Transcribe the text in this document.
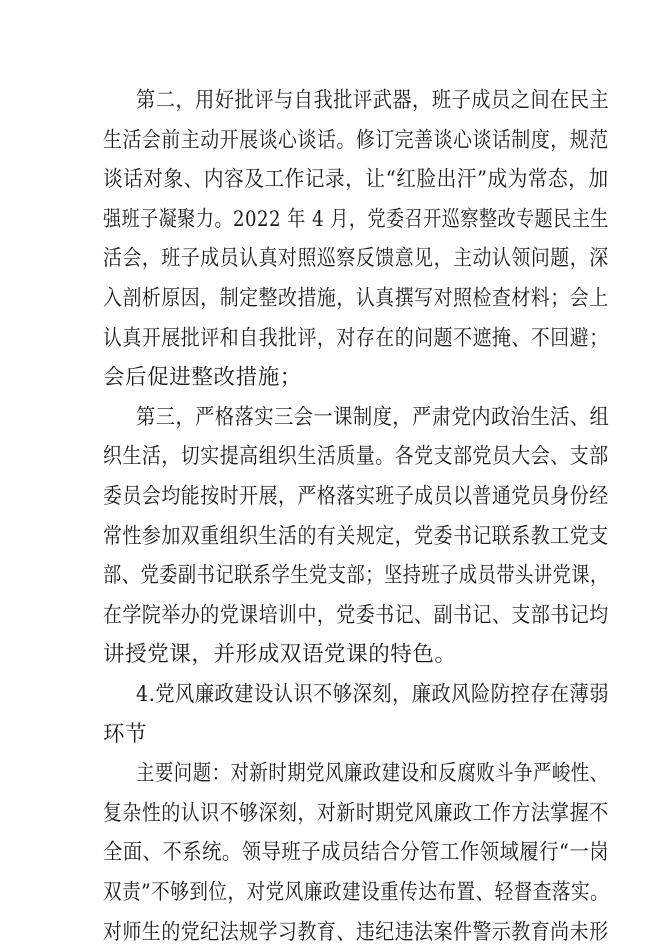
第二，用好批评与自我批评武器，班子成员之间在民主
生活会前主动开展谈心谈话。修订完善谈心谈话制度，规范
谈话对象、内容及工作记录，让“红脸出汗”成为常态，加
强班子凝聚力。2022 年 4 月，党委召开巡察整改专题民主生
活会，班子成员认真对照巡察反馈意见，主动认领问题，深
入剖析原因，制定整改措施，认真撰写对照检查材料；会上
认真开展批评和自我批评，对存在的问题不遮掩、不回避；
会后促进整改措施；
第三，严格落实三会一课制度，严肃党内政治生活、组
织生活，切实提高组织生活质量。各党支部党员大会、支部
委员会均能按时开展，严格落实班子成员以普通党员身份经
常性参加双重组织生活的有关规定，党委书记联系教工党支
部、党委副书记联系学生党支部；坚持班子成员带头讲党课，
在学院举办的党课培训中，党委书记、副书记、支部书记均
讲授党课，并形成双语党课的特色。
4.党风廉政建设认识不够深刻，廉政风险防控存在薄弱
环节
主要问题：对新时期党风廉政建设和反腐败斗争严峻性、
复杂性的认识不够深刻，对新时期党风廉政工作方法掌握不
全面、不系统。领导班子成员结合分管工作领域履行“一岗
双责”不够到位，对党风廉政建设重传达布置、轻督查落实。
对师生的党纪法规学习教育、违纪违法案件警示教育尚未形
